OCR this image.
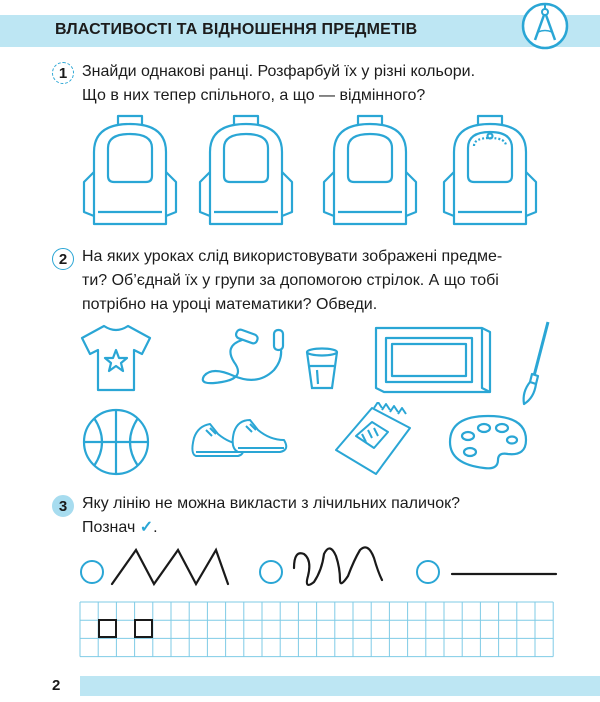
ВЛАСТИВОСТІ ТА ВІДНОШЕННЯ ПРЕДМЕТІВ
1 Знайди однакові ранці. Розфарбуй їх у різні кольори.
Що в них тепер спільного, а що — відмінного?
2 На яких уроках слід використовувати зображені предме-
ти? Об’єднай їх у групи за допомогою стрілок. А що тобі
потрібно на уроці математики? Обведи.
3 Яку лінію не можна викласти з лічильних паличок?
Познач ✓.
2
